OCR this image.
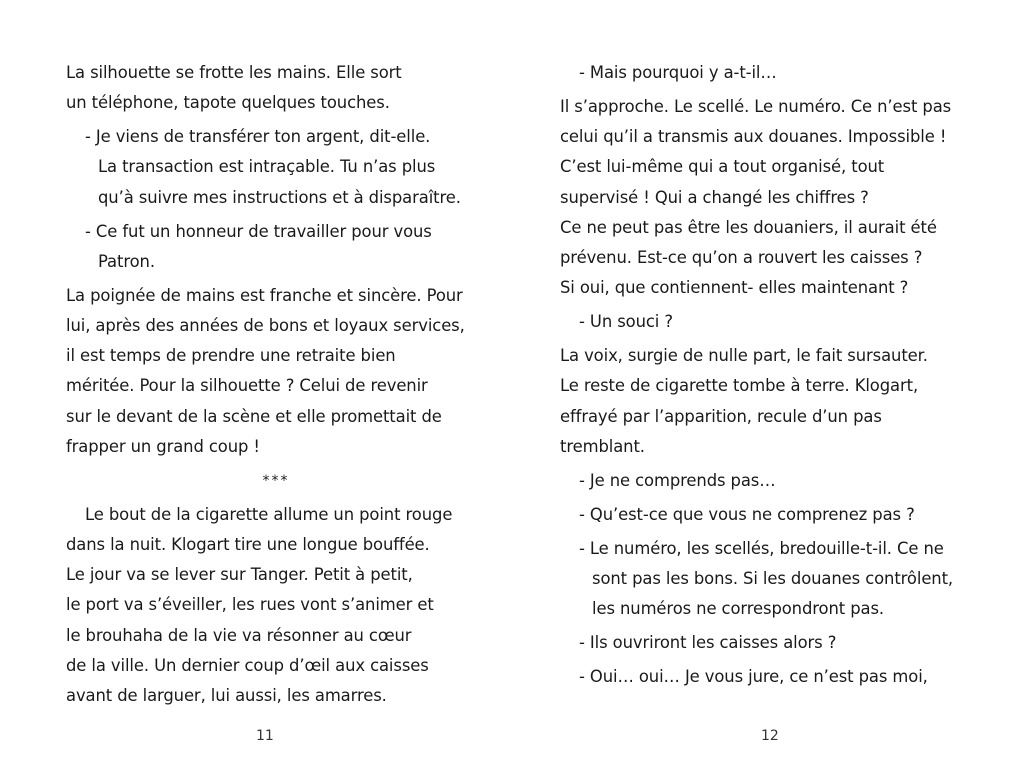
La silhouette se frotte les mains. Elle sort
un téléphone, tapote quelques touches.

- Je viens de transférer ton argent, dit-elle.
La transaction est intraçable. Tu n’as plus
qu’à suivre mes instructions et à disparaître.

- Ce fut un honneur de travailler pour vous
Patron.

La poignée de mains est franche et sincère. Pour
lui, après des années de bons et loyaux services,
il est temps de prendre une retraite bien
méritée. Pour la silhouette ? Celui de revenir
sur le devant de la scène et elle promettait de
frapper un grand coup !

***

Le bout de la cigarette allume un point rouge
dans la nuit. Klogart tire une longue bouffée.
Le jour va se lever sur Tanger. Petit à petit,
le port va s’éveiller, les rues vont s’animer et
le brouhaha de la vie va résonner au cœur
de la ville. Un dernier coup d’œil aux caisses
avant de larguer, lui aussi, les amarres.

11

- Mais pourquoi y a-t-il…

Il s’approche. Le scellé. Le numéro. Ce n’est pas
celui qu’il a transmis aux douanes. Impossible !
C’est lui-même qui a tout organisé, tout
supervisé ! Qui a changé les chiffres ?
Ce ne peut pas être les douaniers, il aurait été
prévenu. Est-ce qu’on a rouvert les caisses ?
Si oui, que contiennent- elles maintenant ?

- Un souci ?

La voix, surgie de nulle part, le fait sursauter.
Le reste de cigarette tombe à terre. Klogart,
effrayé par l’apparition, recule d’un pas
tremblant.

- Je ne comprends pas…

- Qu’est-ce que vous ne comprenez pas ?

- Le numéro, les scellés, bredouille-t-il. Ce ne
sont pas les bons. Si les douanes contrôlent,
les numéros ne correspondront pas.

- Ils ouvriront les caisses alors ?

- Oui… oui… Je vous jure, ce n’est pas moi,

12
